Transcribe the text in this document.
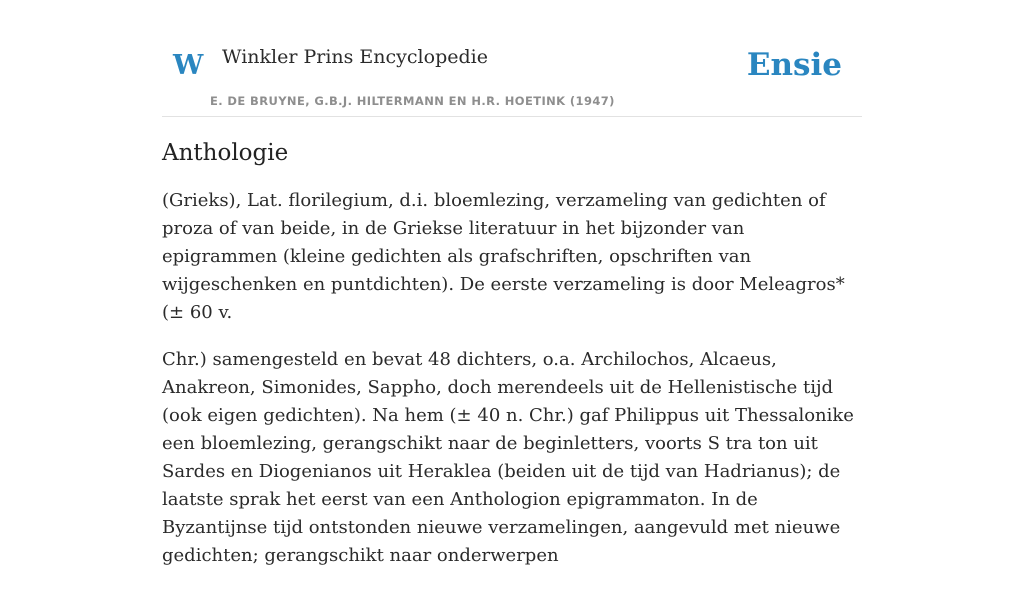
W Winkler Prins Encyclopedie
E. DE BRUYNE, G.B.J. HILTERMANN EN H.R. HOETINK (1947)
Ensie
Anthologie

(Grieks), Lat. florilegium, d.i. bloemlezing, verzameling van gedichten of proza of van beide, in de Griekse literatuur in het bijzonder van epigrammen (kleine gedichten als grafschriften, opschriften van wijgeschenken en puntdichten). De eerste verzameling is door Meleagros* (± 60 v.

Chr.) samengesteld en bevat 48 dichters, o.a. Archilochos, Alcaeus, Anakreon, Simonides, Sappho, doch merendeels uit de Hellenistische tijd (ook eigen gedichten). Na hem (± 40 n. Chr.) gaf Philippus uit Thessalonike een bloemlezing, gerangschikt naar de beginletters, voorts S tra ton uit Sardes en Diogenianos uit Heraklea (beiden uit de tijd van Hadrianus); de laatste sprak het eerst van een Anthologion epigrammaton. In de Byzantijnse tijd ontstonden nieuwe verzamelingen, aangevuld met nieuwe gedichten; gerangschikt naar onderwerpen
